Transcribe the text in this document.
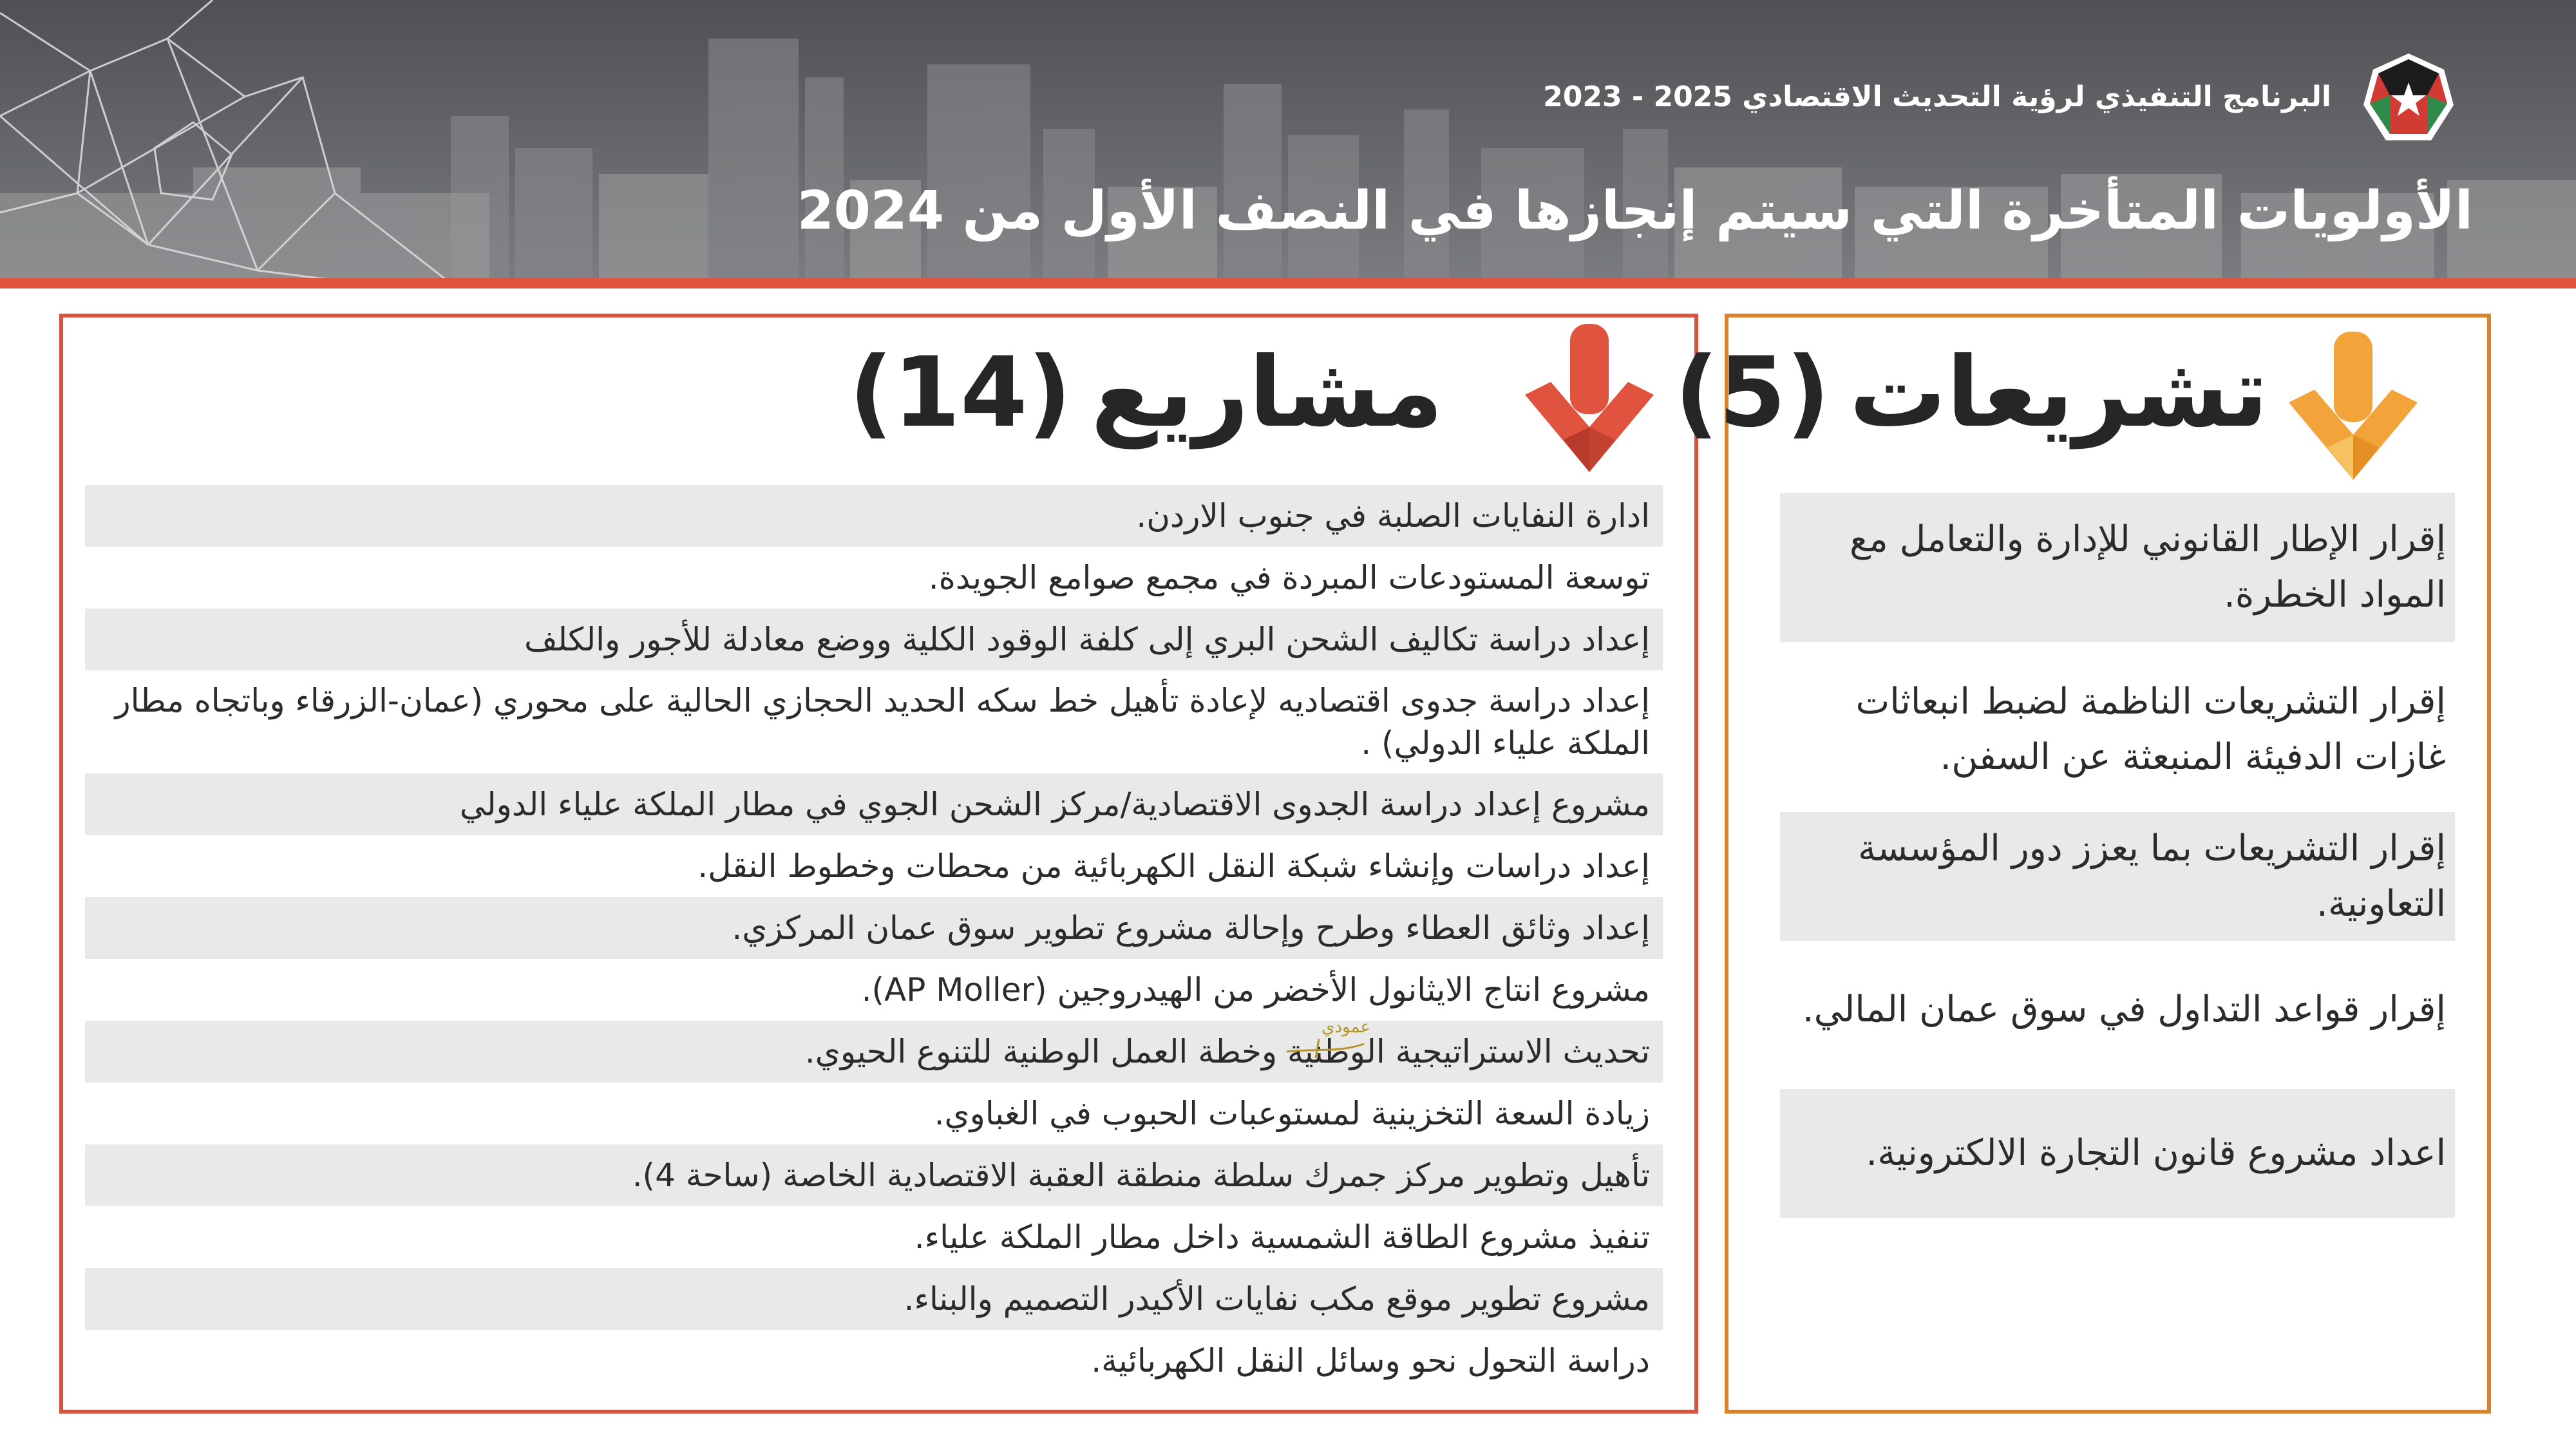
البرنامج التنفيذي لرؤية التحديث الاقتصادي 2023 - 2025
الأولويات المتأخرة التي سيتم إنجازها في النصف الأول من 2024
مشاريع(14)
ادارة النفايات الصلبة في جنوب الاردن.
توسعة المستودعات المبردة في مجمع صوامع الجويدة.
إعداد دراسة تكاليف الشحن البري إلى كلفة الوقود الكلية ووضع معادلة للأجور والكلف
إعداد دراسة جدوى اقتصاديه لإعادة تأهيل خط سكه الحديد الحجازي الحالية على محوري (عمان-الزرقاء وباتجاه مطار الملكة علياء الدولي) .
مشروع إعداد دراسة الجدوى الاقتصادية/مركز الشحن الجوي في مطار الملكة علياء الدولي
إعداد دراسات وإنشاء شبكة النقل الكهربائية من محطات وخطوط النقل.
إعداد وثائق العطاء وطرح وإحالة مشروع تطوير سوق عمان المركزي.
مشروع انتاج الايثانول الأخضر من الهيدروجين (AP Moller).
تحديث الاستراتيجية الوطنية وخطة العمل الوطنية للتنوع الحيوي.
زيادة السعة التخزينية لمستوعبات الحبوب في الغباوي.
تأهيل وتطوير مركز جمرك سلطة منطقة العقبة الاقتصادية الخاصة (ساحة 4).
تنفيذ مشروع الطاقة الشمسية داخل مطار الملكة علياء.
مشروع تطوير موقع مكب نفايات الأكيدر التصميم والبناء.
دراسة التحول نحو وسائل النقل الكهربائية.
عمودي
تشريعات(5)
إقرار الإطار القانوني للإدارة والتعامل مع المواد الخطرة.
إقرار التشريعات الناظمة لضبط انبعاثات غازات الدفيئة المنبعثة عن السفن.
إقرار التشريعات بما يعزز دور المؤسسة التعاونية.
إقرار قواعد التداول في سوق عمان المالي.
اعداد مشروع قانون التجارة الالكترونية.
